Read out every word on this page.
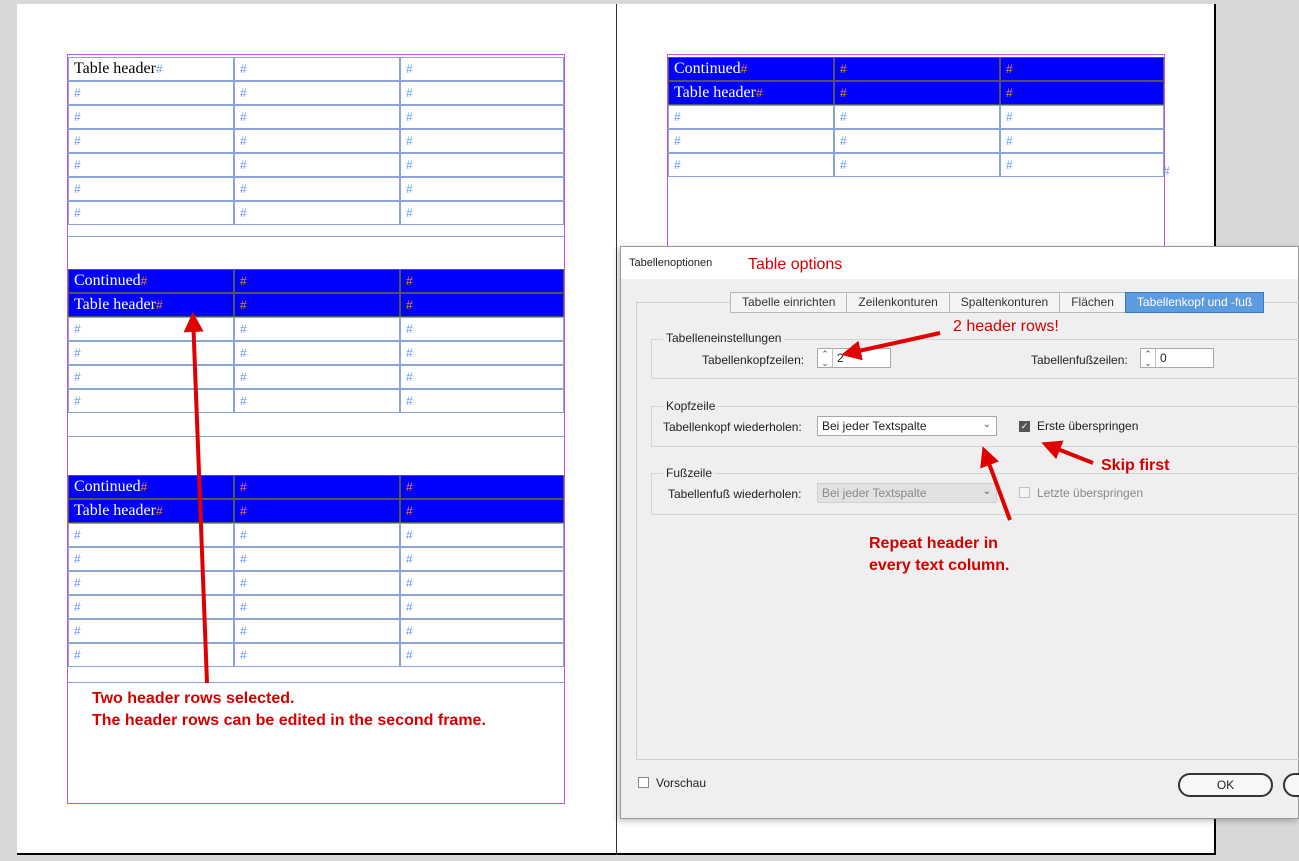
Table header#	#	#
#	#	#
#	#	#
#	#	#
#	#	#
#	#	#
#	#	#
Continued#	#	#
Table header#	#	#
#	#	#
#	#	#
#	#	#
#	#	#
Continued#	#	#
Table header#	#	#
#	#	#
#	#	#
#	#	#
#	#	#
#	#	#
#	#	#
Continued#	#	#
Table header#	#	#
#	#	#
#	#	#
#	#	#	#
Two header rows selected.
The header rows can be edited in the second frame.
Tabellenoptionen
Tabelle einrichten	Zeilenkonturen	Spaltenkonturen	Flächen	Tabellenkopf und -fuß
Tabelleneinstellungen
Tabellenkopfzeilen:	⌃
⌄ 2	Tabellenfußzeilen:	⌃
⌄ 0
Kopfzeile
Tabellenkopf wiederholen:	Bei jeder Textspalte	⌄	✓ Erste überspringen
Fußzeile
Tabellenfuß wiederholen:	Bei jeder Textspalte	⌄	Letzte überspringen
Vorschau	OK
Table options
2 header rows!
Skip first
Repeat header in
every text column.
